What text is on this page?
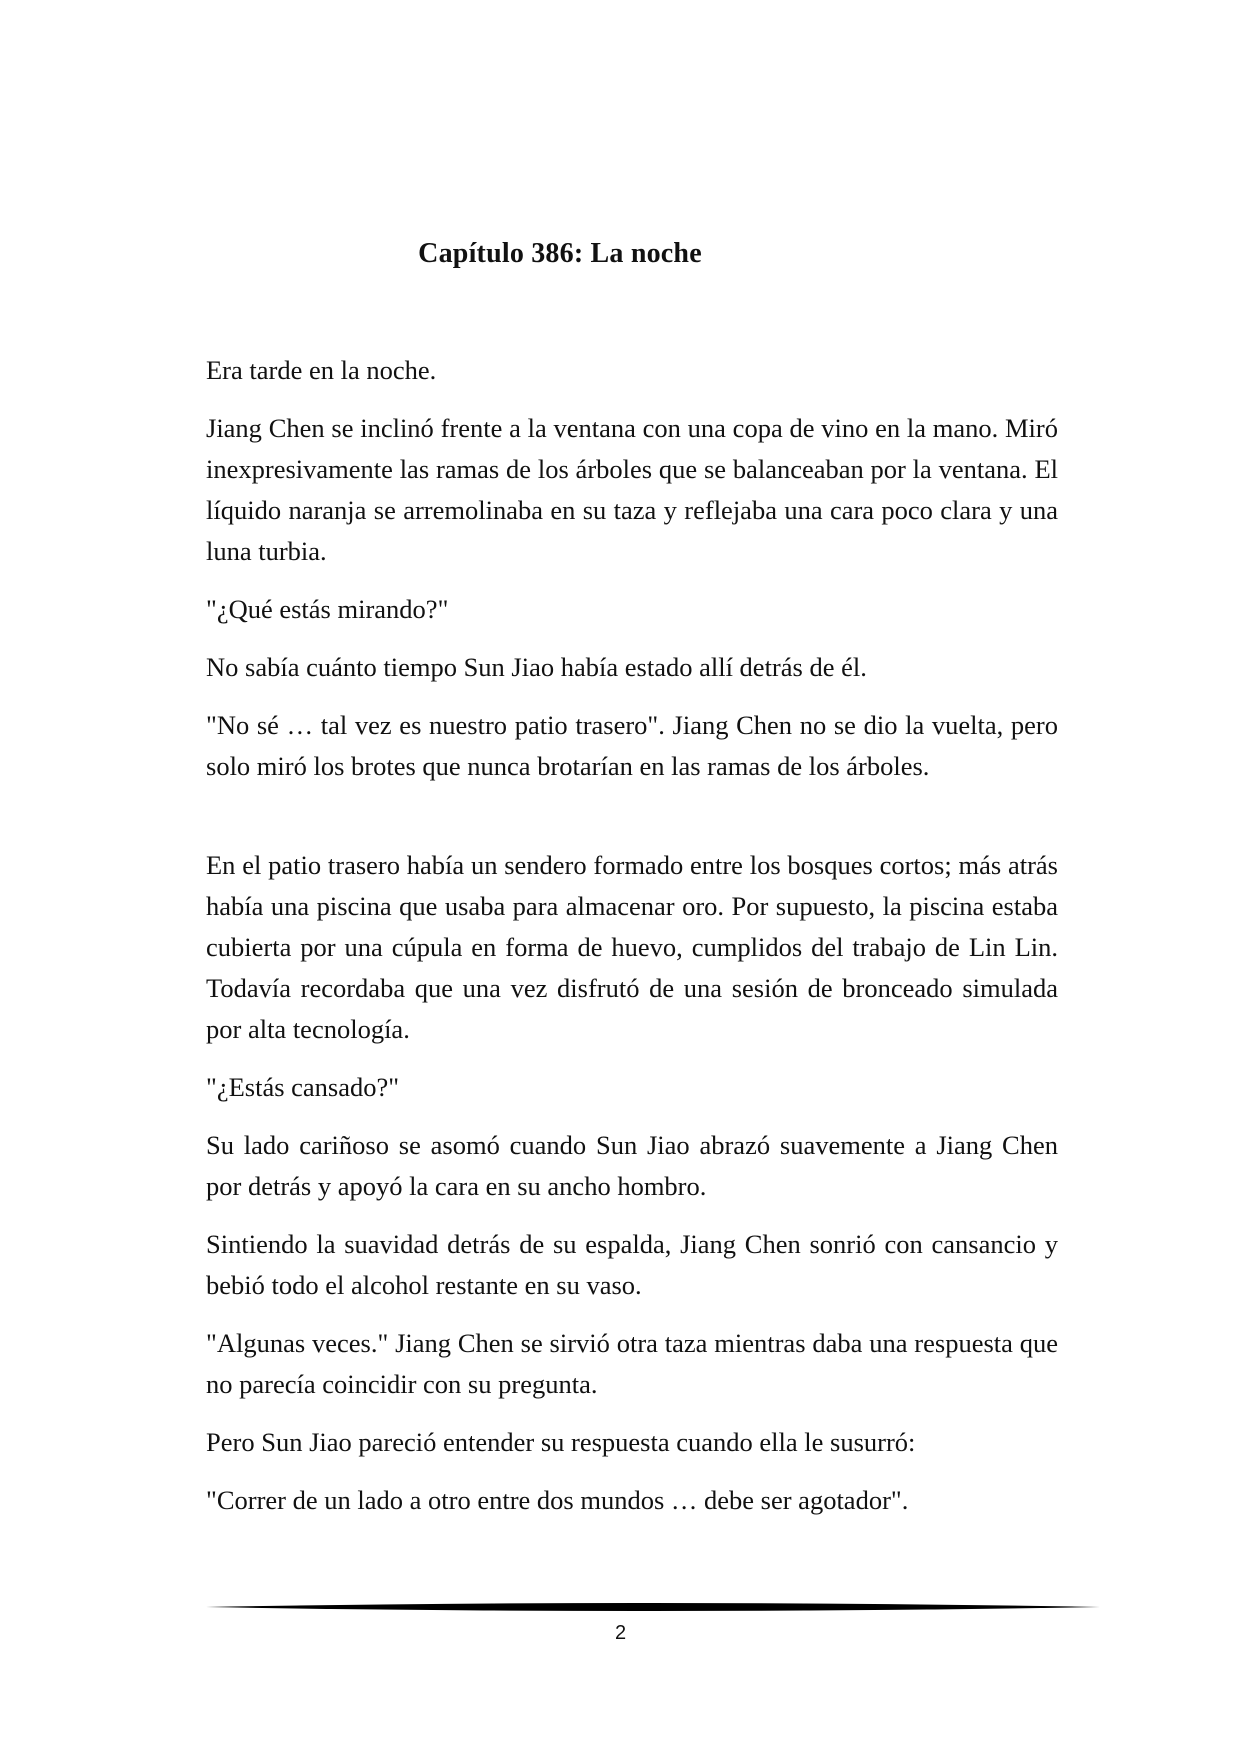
Capítulo 386: La noche

Era tarde en la noche.

Jiang Chen se inclinó frente a la ventana con una copa de vino en la mano. Miró inexpresivamente las ramas de los árboles que se balanceaban por la ventana. El líquido naranja se arremolinaba en su taza y reflejaba una cara poco clara y una luna turbia.

"¿Qué estás mirando?"

No sabía cuánto tiempo Sun Jiao había estado allí detrás de él.

"No sé … tal vez es nuestro patio trasero". Jiang Chen no se dio la vuelta, pero solo miró los brotes que nunca brotarían en las ramas de los árboles.

En el patio trasero había un sendero formado entre los bosques cortos; más atrás había una piscina que usaba para almacenar oro. Por supuesto, la piscina estaba cubierta por una cúpula en forma de huevo, cumplidos del trabajo de Lin Lin. Todavía recordaba que una vez disfrutó de una sesión de bronceado simulada por alta tecnología.

"¿Estás cansado?"

Su lado cariñoso se asomó cuando Sun Jiao abrazó suavemente a Jiang Chen por detrás y apoyó la cara en su ancho hombro.

Sintiendo la suavidad detrás de su espalda, Jiang Chen sonrió con cansancio y bebió todo el alcohol restante en su vaso.

"Algunas veces." Jiang Chen se sirvió otra taza mientras daba una respuesta que no parecía coincidir con su pregunta.

Pero Sun Jiao pareció entender su respuesta cuando ella le susurró:

"Correr de un lado a otro entre dos mundos … debe ser agotador".

2
